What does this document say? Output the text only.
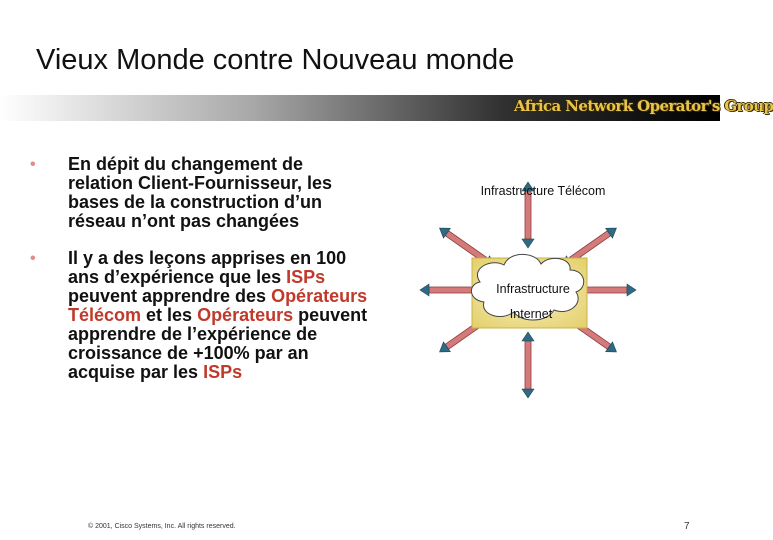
Vieux Monde contre Nouveau monde
Africa Network Operator's Group
• En dépit du changement de relation Client-Fournisseur, les bases de la construction d’un réseau n’ont pas changées
• Il y a des leçons apprises en 100 ans d’expérience que les ISPs peuvent apprendre des Opérateurs Télécom et les Opérateurs peuvent apprendre de l’expérience de croissance de +100% par an acquise par les ISPs
Infrastructure Télécom
Infrastructure
Internet
© 2001, Cisco Systems, Inc. All rights reserved.	7
